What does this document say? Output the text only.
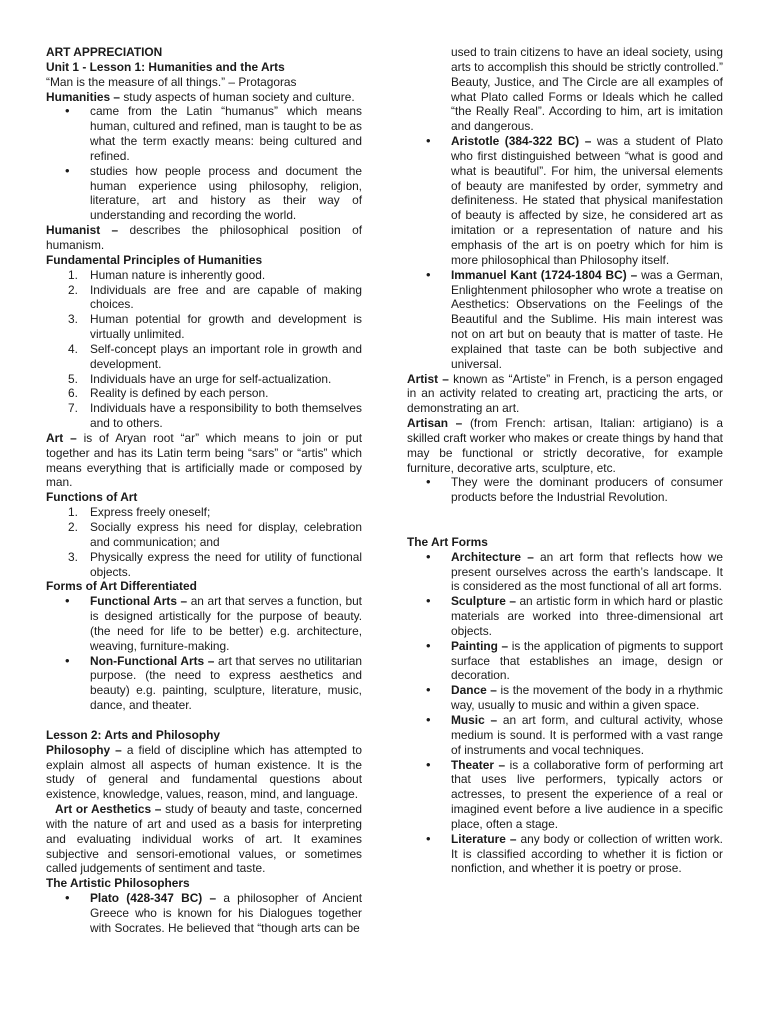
ART APPRECIATION

Unit 1 - Lesson 1: Humanities and the Arts

“Man is the measure of all things.” – Protagoras

Humanities – study aspects of human society and culture.

• came from the Latin “humanus” which means human, cultured and refined, man is taught to be as what the term exactly means: being cultured and refined.
• studies how people process and document the human experience using philosophy, religion, literature, art and history as their way of understanding and recording the world.

Humanist – describes the philosophical position of humanism.

Fundamental Principles of Humanities

1. Human nature is inherently good.
2. Individuals are free and are capable of making choices.
3. Human potential for growth and development is virtually unlimited.
4. Self-concept plays an important role in growth and development.
5. Individuals have an urge for self-actualization.
6. Reality is defined by each person.
7. Individuals have a responsibility to both themselves and to others.

Art – is of Aryan root “ar” which means to join or put together and has its Latin term being “sars” or “artis” which means everything that is artificially made or composed by man.

Functions of Art

1. Express freely oneself;
2. Socially express his need for display, celebration and communication; and
3. Physically express the need for utility of functional objects.

Forms of Art Differentiated

• Functional Arts – an art that serves a function, but is designed artistically for the purpose of beauty. (the need for life to be better) e.g. architecture, weaving, furniture-making.
• Non-Functional Arts – art that serves no utilitarian purpose. (the need to express aesthetics and beauty) e.g. painting, sculpture, literature, music, dance, and theater.

Lesson 2: Arts and Philosophy

Philosophy – a field of discipline which has attempted to explain almost all aspects of human existence. It is the study of general and fundamental questions about existence, knowledge, values, reason, mind, and language.

Art or Aesthetics – study of beauty and taste, concerned with the nature of art and used as a basis for interpreting and evaluating individual works of art. It examines subjective and sensori-emotional values, or sometimes called judgements of sentiment and taste.

The Artistic Philosophers

• Plato (428-347 BC) – a philosopher of Ancient Greece who is known for his Dialogues together with Socrates. He believed that “though arts can be
used to train citizens to have an ideal society, using arts to accomplish this should be strictly controlled.” Beauty, Justice, and The Circle are all examples of what Plato called Forms or Ideals which he called “the Really Real”. According to him, art is imitation and dangerous.
• Aristotle (384-322 BC) – was a student of Plato who first distinguished between “what is good and what is beautiful”. For him, the universal elements of beauty are manifested by order, symmetry and definiteness. He stated that physical manifestation of beauty is affected by size, he considered art as imitation or a representation of nature and his emphasis of the art is on poetry which for him is more philosophical than Philosophy itself.
• Immanuel Kant (1724-1804 BC) – was a German, Enlightenment philosopher who wrote a treatise on Aesthetics: Observations on the Feelings of the Beautiful and the Sublime. His main interest was not on art but on beauty that is matter of taste. He explained that taste can be both subjective and universal.

Artist – known as “Artiste” in French, is a person engaged in an activity related to creating art, practicing the arts, or demonstrating an art.

Artisan – (from French: artisan, Italian: artigiano) is a skilled craft worker who makes or create things by hand that may be functional or strictly decorative, for example furniture, decorative arts, sculpture, etc.

• They were the dominant producers of consumer products before the Industrial Revolution.

The Art Forms

• Architecture – an art form that reflects how we present ourselves across the earth’s landscape. It is considered as the most functional of all art forms.
• Sculpture – an artistic form in which hard or plastic materials are worked into three-dimensional art objects.
• Painting – is the application of pigments to support surface that establishes an image, design or decoration.
• Dance – is the movement of the body in a rhythmic way, usually to music and within a given space.
• Music – an art form, and cultural activity, whose medium is sound. It is performed with a vast range of instruments and vocal techniques.
• Theater – is a collaborative form of performing art that uses live performers, typically actors or actresses, to present the experience of a real or imagined event before a live audience in a specific place, often a stage.
• Literature – any body or collection of written work. It is classified according to whether it is fiction or nonfiction, and whether it is poetry or prose.
